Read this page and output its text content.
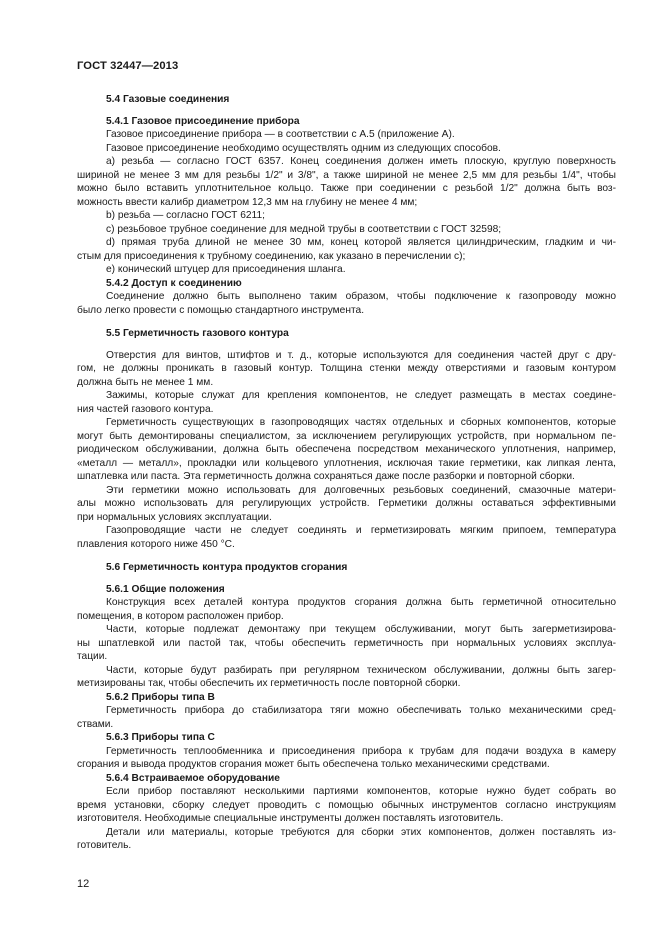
ГОСТ 32447—2013
5.4 Газовые соединения
5.4.1 Газовое присоединение прибора
Газовое присоединение прибора — в соответствии с А.5 (приложение А).
Газовое присоединение необходимо осуществлять одним из следующих способов.
a) резьба — согласно ГОСТ 6357. Конец соединения должен иметь плоскую, круглую поверхность
шириной не менее 3 мм для резьбы 1/2" и 3/8", а также шириной не менее 2,5 мм для резьбы 1/4", чтобы
можно было вставить уплотнительное кольцо. Также при соединении с резьбой 1/2" должна быть воз-
можность ввести калибр диаметром 12,3 мм на глубину не менее 4 мм;
b) резьба — согласно ГОСТ 6211;
c) резьбовое трубное соединение для медной трубы в соответствии с ГОСТ 32598;
d) прямая труба длиной не менее 30 мм, конец которой является цилиндрическим, гладким и чи-
стым для присоединения к трубному соединению, как указано в перечислении с);
e) конический штуцер для присоединения шланга.
5.4.2 Доступ к соединению
Соединение должно быть выполнено таким образом, чтобы подключение к газопроводу можно
было легко провести с помощью стандартного инструмента.
5.5 Герметичность газового контура
Отверстия для винтов, штифтов и т. д., которые используются для соединения частей друг с дру-
гом, не должны проникать в газовый контур. Толщина стенки между отверстиями и газовым контуром
должна быть не менее 1 мм.
Зажимы, которые служат для крепления компонентов, не следует размещать в местах соедине-
ния частей газового контура.
Герметичность существующих в газопроводящих частях отдельных и сборных компонентов, которые
могут быть демонтированы специалистом, за исключением регулирующих устройств, при нормальном пе-
риодическом обслуживании, должна быть обеспечена посредством механического уплотнения, например,
«металл — металл», прокладки или кольцевого уплотнения, исключая такие герметики, как липкая лента,
шпатлевка или паста. Эта герметичность должна сохраняться даже после разборки и повторной сборки.
Эти герметики можно использовать для долговечных резьбовых соединений, смазочные матери-
алы можно использовать для регулирующих устройств. Герметики должны оставаться эффективными
при нормальных условиях эксплуатации.
Газопроводящие части не следует соединять и герметизировать мягким припоем, температура
плавления которого ниже 450 °C.
5.6 Герметичность контура продуктов сгорания
5.6.1 Общие положения
Конструкция всех деталей контура продуктов сгорания должна быть герметичной относительно
помещения, в котором расположен прибор.
Части, которые подлежат демонтажу при текущем обслуживании, могут быть загерметизирова-
ны шпатлевкой или пастой так, чтобы обеспечить герметичность при нормальных условиях эксплуа-
тации.
Части, которые будут разбирать при регулярном техническом обслуживании, должны быть загер-
метизированы так, чтобы обеспечить их герметичность после повторной сборки.
5.6.2 Приборы типа B
Герметичность прибора до стабилизатора тяги можно обеспечивать только механическими сред-
ствами.
5.6.3 Приборы типа C
Герметичность теплообменника и присоединения прибора к трубам для подачи воздуха в камеру
сгорания и вывода продуктов сгорания может быть обеспечена только механическими средствами.
5.6.4 Встраиваемое оборудование
Если прибор поставляют несколькими партиями компонентов, которые нужно будет собрать во
время установки, сборку следует проводить с помощью обычных инструментов согласно инструкциям
изготовителя. Необходимые специальные инструменты должен поставлять изготовитель.
Детали или материалы, которые требуются для сборки этих компонентов, должен поставлять из-
готовитель.
12
